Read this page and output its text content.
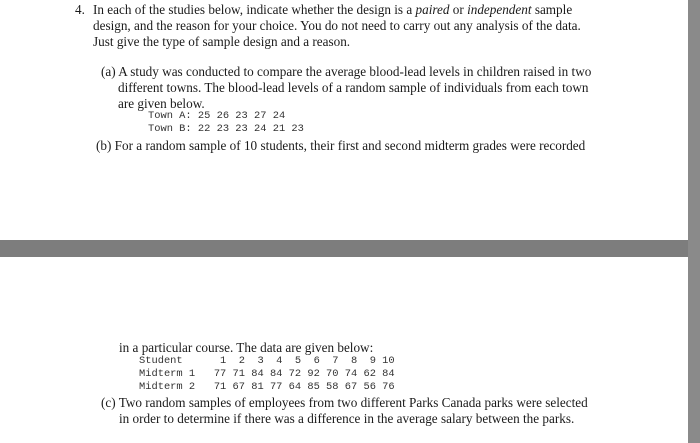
4. In each of the studies below, indicate whether the design is a paired or independent sample
design, and the reason for your choice. You do not need to carry out any analysis of the data.
Just give the type of sample design and a reason.
(a) A study was conducted to compare the average blood-lead levels in children raised in two
different towns. The blood-lead levels of a random sample of individuals from each town
are given below.
Town A: 25 26 23 27 24
Town B: 22 23 23 24 21 23
(b) For a random sample of 10 students, their first and second midterm grades were recorded
in a particular course. The data are given below:
Student      1  2  3  4  5  6  7  8  9 10
Midterm 1   77 71 84 84 72 92 70 74 62 84
Midterm 2   71 67 81 77 64 85 58 67 56 76
(c) Two random samples of employees from two different Parks Canada parks were selected
in order to determine if there was a difference in the average salary between the parks.
